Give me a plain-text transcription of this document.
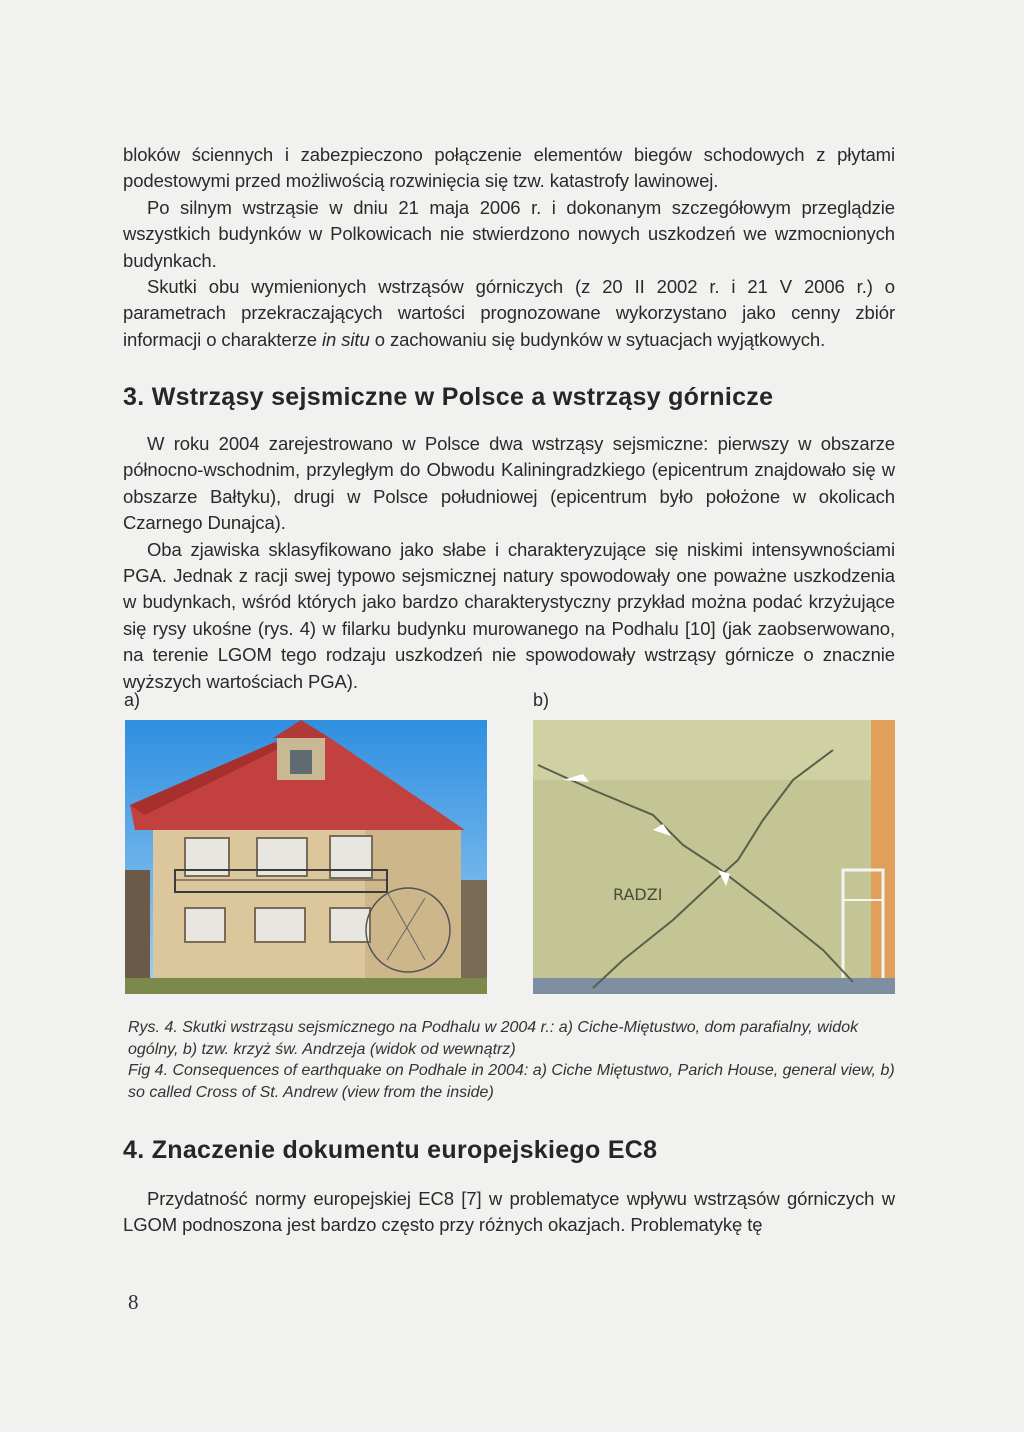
bloków ściennych i zabezpieczono połączenie elementów biegów schodowych z płytami podestowymi przed możliwością rozwinięcia się tzw. katastrofy lawinowej.

Po silnym wstrząsie w dniu 21 maja 2006 r. i dokonanym szczegółowym przeglądzie wszystkich budynków w Polkowicach nie stwierdzono nowych uszkodzeń we wzmocnionych budynkach.

Skutki obu wymienionych wstrząsów górniczych (z 20 II 2002 r. i 21 V 2006 r.) o parametrach przekraczających wartości prognozowane wykorzystano jako cenny zbiór informacji o charakterze in situ o zachowaniu się budynków w sytuacjach wyjątkowych.

3. Wstrząsy sejsmiczne w Polsce a wstrząsy górnicze

W roku 2004 zarejestrowano w Polsce dwa wstrząsy sejsmiczne: pierwszy w obszarze północno-wschodnim, przyległym do Obwodu Kaliningradzkiego (epicentrum znajdowało się w obszarze Bałtyku), drugi w Polsce południowej (epicentrum było położone w okolicach Czarnego Dunajca).

Oba zjawiska sklasyfikowano jako słabe i charakteryzujące się niskimi intensywnościami PGA. Jednak z racji swej typowo sejsmicznej natury spowodowały one poważne uszkodzenia w budynkach, wśród których jako bardzo charakterystyczny przykład można podać krzyżujące się rysy ukośne (rys. 4) w filarku budynku murowanego na Podhalu [10] (jak zaobserwowano, na terenie LGOM tego rodzaju uszkodzeń nie spowodowały wstrząsy górnicze o znacznie wyższych wartościach PGA).

a)	b)
RADZI
Rys. 4. Skutki wstrząsu sejsmicznego na Podhalu w 2004 r.: a) Ciche-Miętustwo, dom parafialny, widok ogólny, b) tzw. krzyż św. Andrzeja (widok od wewnątrz)
Fig 4. Consequences of earthquake on Podhale in 2004: a) Ciche Miętustwo, Parich House, general view, b) so called Cross of St. Andrew (view from the inside)
4. Znaczenie dokumentu europejskiego EC8

Przydatność normy europejskiej EC8 [7] w problematyce wpływu wstrząsów górniczych w LGOM podnoszona jest bardzo często przy różnych okazjach. Problematykę tę

8
